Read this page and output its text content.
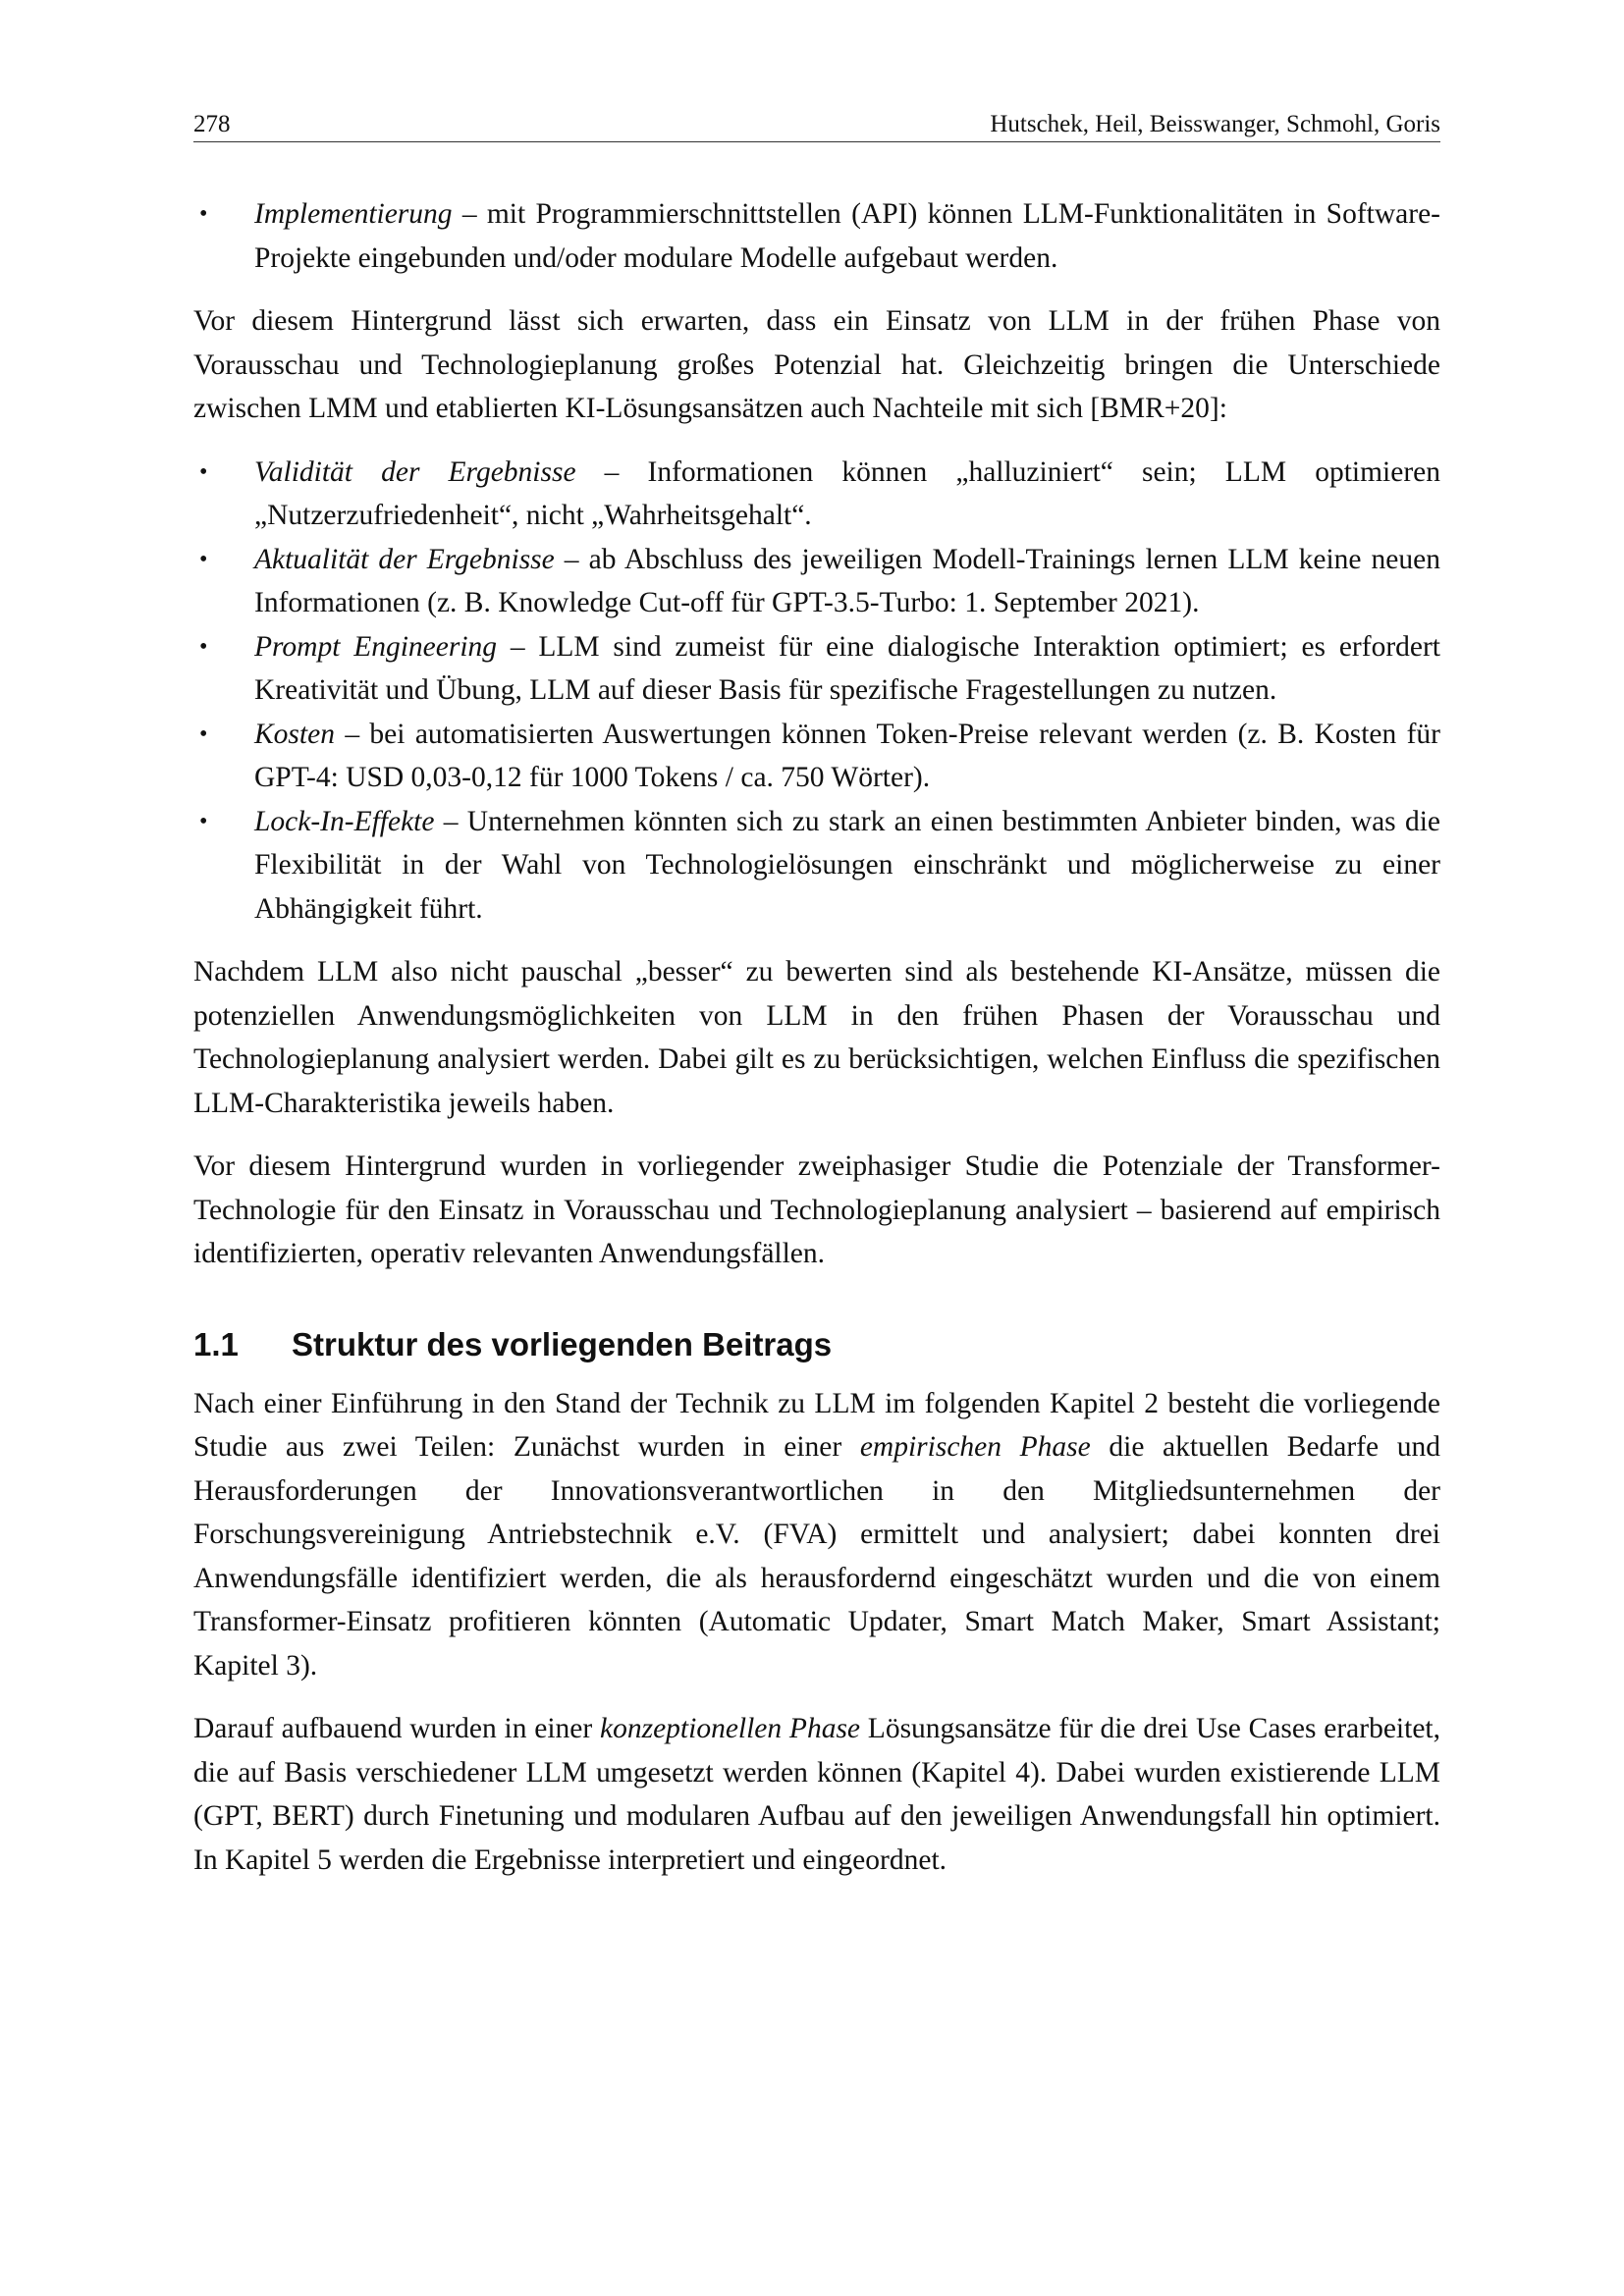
278	Hutschek, Heil, Beisswanger, Schmohl, Goris
• Implementierung – mit Programmierschnittstellen (API) können LLM-Funktionalitäten in Software-Projekte eingebunden und/oder modulare Modelle aufgebaut werden.

Vor diesem Hintergrund lässt sich erwarten, dass ein Einsatz von LLM in der frühen Phase von Vorausschau und Technologieplanung großes Potenzial hat. Gleichzeitig bringen die Unterschiede zwischen LMM und etablierten KI-Lösungsansätzen auch Nachteile mit sich [BMR+20]:

• Validität der Ergebnisse – Informationen können „halluziniert“ sein; LLM optimieren „Nutzerzufriedenheit“, nicht „Wahrheitsgehalt“.
• Aktualität der Ergebnisse – ab Abschluss des jeweiligen Modell-Trainings lernen LLM keine neuen Informationen (z. B. Knowledge Cut-off für GPT-3.5-Turbo: 1. September 2021).
• Prompt Engineering – LLM sind zumeist für eine dialogische Interaktion optimiert; es erfordert Kreativität und Übung, LLM auf dieser Basis für spezifische Fragestellungen zu nutzen.
• Kosten – bei automatisierten Auswertungen können Token-Preise relevant werden (z. B. Kosten für GPT-4: USD 0,03-0,12 für 1000 Tokens / ca. 750 Wörter).
• Lock-In-Effekte – Unternehmen könnten sich zu stark an einen bestimmten Anbieter binden, was die Flexibilität in der Wahl von Technologielösungen einschränkt und möglicherweise zu einer Abhängigkeit führt.

Nachdem LLM also nicht pauschal „besser“ zu bewerten sind als bestehende KI-Ansätze, müssen die potenziellen Anwendungsmöglichkeiten von LLM in den frühen Phasen der Vorausschau und Technologieplanung analysiert werden. Dabei gilt es zu berücksichtigen, welchen Einfluss die spezifischen LLM-Charakteristika jeweils haben.

Vor diesem Hintergrund wurden in vorliegender zweiphasiger Studie die Potenziale der Transformer-Technologie für den Einsatz in Vorausschau und Technologieplanung analysiert – basierend auf empirisch identifizierten, operativ relevanten Anwendungsfällen.

1.1 Struktur des vorliegenden Beitrags

Nach einer Einführung in den Stand der Technik zu LLM im folgenden Kapitel 2 besteht die vorliegende Studie aus zwei Teilen: Zunächst wurden in einer empirischen Phase die aktuellen Bedarfe und Herausforderungen der Innovationsverantwortlichen in den Mitgliedsunternehmen der Forschungsvereinigung Antriebstechnik e.V. (FVA) ermittelt und analysiert; dabei konnten drei Anwendungsfälle identifiziert werden, die als herausfordernd eingeschätzt wurden und die von einem Transformer-Einsatz profitieren könnten (Automatic Updater, Smart Match Maker, Smart Assistant; Kapitel 3).

Darauf aufbauend wurden in einer konzeptionellen Phase Lösungsansätze für die drei Use Cases erarbeitet, die auf Basis verschiedener LLM umgesetzt werden können (Kapitel 4). Dabei wurden existierende LLM (GPT, BERT) durch Finetuning und modularen Aufbau auf den jeweiligen Anwendungsfall hin optimiert. In Kapitel 5 werden die Ergebnisse interpretiert und eingeordnet.
